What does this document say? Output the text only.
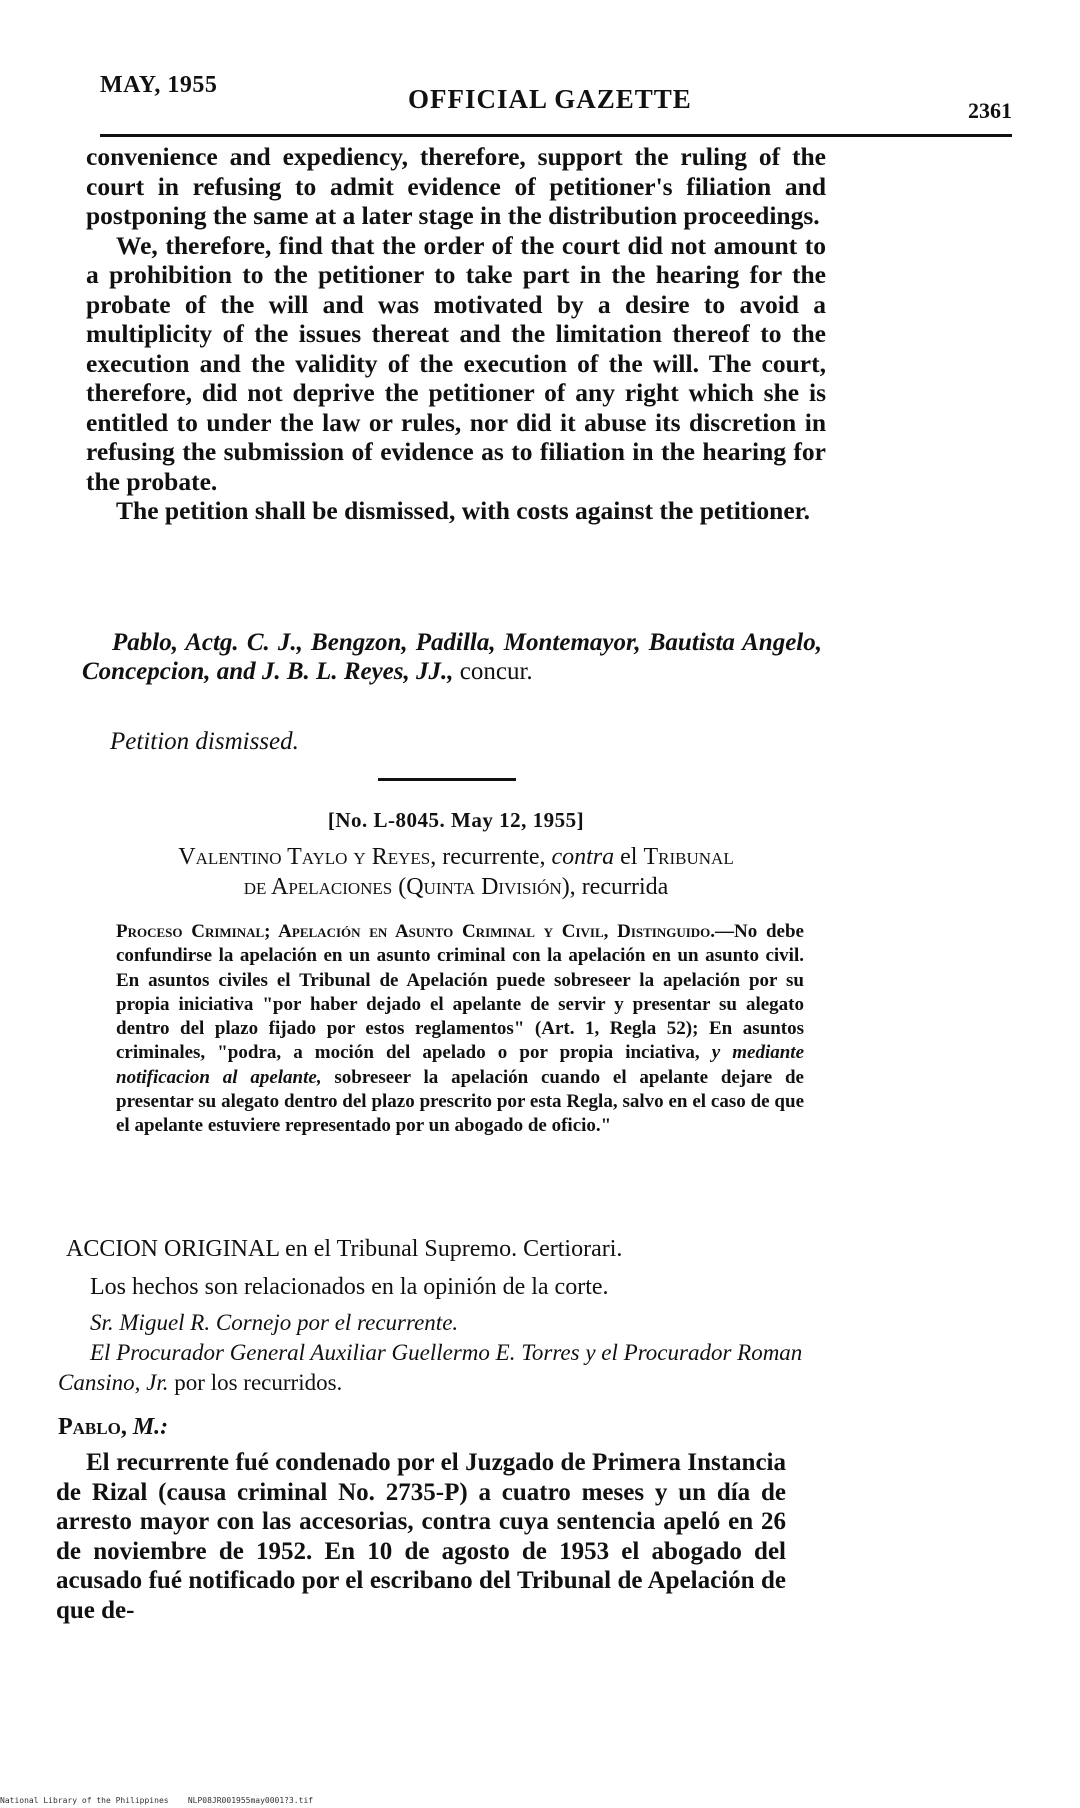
MAY, 1955	OFFICIAL GAZETTE	2361

convenience and expediency, therefore, support the ruling of the court in refusing to admit evidence of petitioner's filiation and postponing the same at a later stage in the distribution proceedings.

We, therefore, find that the order of the court did not amount to a prohibition to the petitioner to take part in the hearing for the probate of the will and was motivated by a desire to avoid a multiplicity of the issues thereat and the limitation thereof to the execution and the validity of the execution of the will. The court, therefore, did not deprive the petitioner of any right which she is entitled to under the law or rules, nor did it abuse its discretion in refusing the submission of evidence as to filiation in the hearing for the probate.

The petition shall be dismissed, with costs against the petitioner.

Pablo, Actg. C. J., Bengzon, Padilla, Montemayor, Bautista Angelo, Concepcion, and J. B. L. Reyes, JJ., concur.

Petition dismissed.
[No. L-8045. May 12, 1955]
Valentino Taylo y Reyes, recurrente, contra el Tribunal
de Apelaciones (Quinta División), recurrida
Proceso Criminal; Apelación en Asunto Criminal y Civil, Distinguido.—No debe confundirse la apelación en un asunto criminal con la apelación en un asunto civil. En asuntos civiles el Tribunal de Apelación puede sobreseer la apelación por su propia iniciativa "por haber dejado el apelante de servir y presentar su alegato dentro del plazo fijado por estos reglamentos" (Art. 1, Regla 52); En asuntos criminales, "podra, a moción del apelado o por propia inciativa, y mediante notificacion al apelante, sobreseer la apelación cuando el apelante dejare de presentar su alegato dentro del plazo prescrito por esta Regla, salvo en el caso de que el apelante estuviere representado por un abogado de oficio."
ACCION ORIGINAL en el Tribunal Supremo. Certiorari.
Los hechos son relacionados en la opinión de la corte.

Sr. Miguel R. Cornejo por el recurrente.

El Procurador General Auxiliar Guellermo E. Torres y el Procurador Roman Cansino, Jr. por los recurridos.

Pablo, M.:
El recurrente fué condenado por el Juzgado de Primera Instancia de Rizal (causa criminal No. 2735-P) a cuatro meses y un día de arresto mayor con las accesorias, contra cuya sentencia apeló en 26 de noviembre de 1952. En 10 de agosto de 1953 el abogado del acusado fué notificado por el escribano del Tribunal de Apelación de que de-
National Library of the Philippines NLP08JR001955may0001?3.tif
